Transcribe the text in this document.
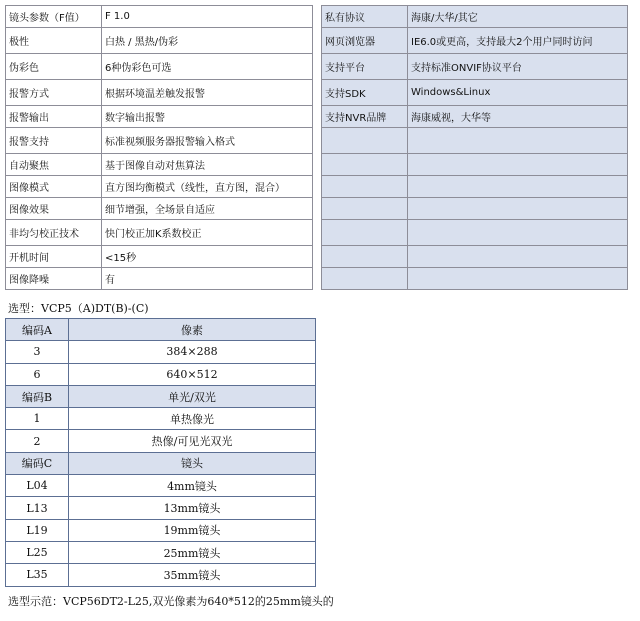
镜头参数（F值）	F 1.0		私有协议	海康/大华/其它
极性	白热 / 黑热/伪彩		网页浏览器	IE6.0或更高，支持最大2个用户同时访问
伪彩色	6种伪彩色可选		支持平台	支持标准ONVIF协议平台
报警方式	根据环境温差触发报警		支持SDK	Windows&Linux
报警输出	数字输出报警		支持NVR品牌	海康威视，大华等
报警支持	标准视频服务器报警输入格式			
自动聚焦	基于图像自动对焦算法			
图像模式	直方图均衡模式（线性，直方图，混合）			
图像效果	细节增强，全场景自适应			
非均匀校正技术	快门校正加K系数校正			
开机时间	<15秒			
图像降噪	有			
选型：VCP5（A)DT(B)-(C)
编码A	像素
3	384×288
6	640×512
编码B	单光/双光
1	单热像光
2	热像/可见光双光
编码C	镜头
L04	4mm镜头
L13	13mm镜头
L19	19mm镜头
L25	25mm镜头
L35	35mm镜头
选型示范：VCP56DT2-L25,双光像素为640*512的25mm镜头的
